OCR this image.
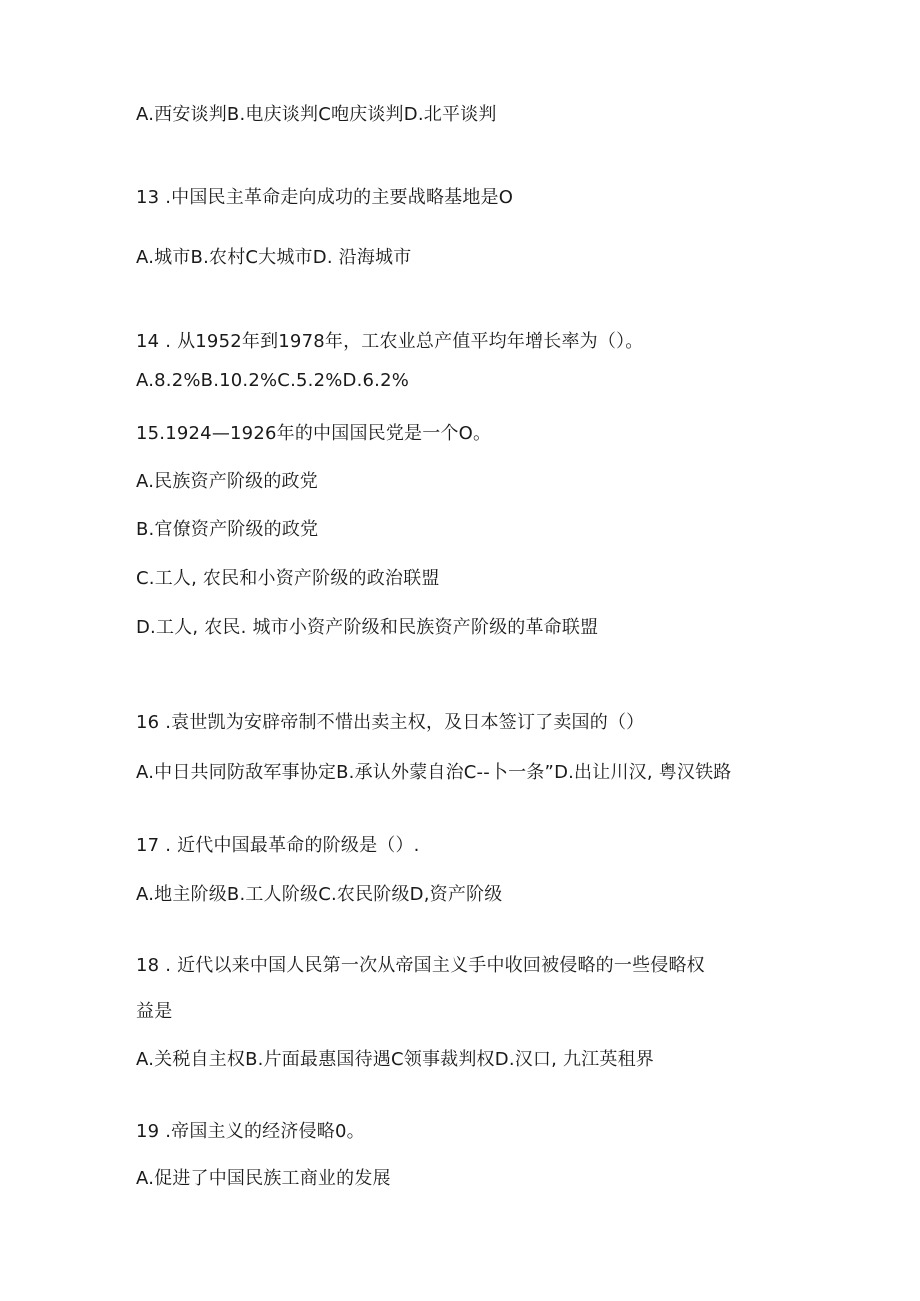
A.西安谈判B.电庆谈判C咆庆谈判D.北平谈判
13 .中国民主革命走向成功的主要战略基地是O
A.城市B.农村C大城市D. 沿海城市
14 . 从1952年到1978年，工农业总产值平均年增长率为（）。
A.8.2%B.10.2%C.5.2%D.6.2%
15.1924—1926年的中国国民党是一个O。
A.民族资产阶级的政党
B.官僚资产阶级的政党
C.工人, 农民和小资产阶级的政治联盟
D.工人, 农民. 城市小资产阶级和民族资产阶级的革命联盟
16 .袁世凯为安辟帝制不惜出卖主权，及日本签订了卖国的（）
A.中日共同防敌军事协定B.承认外蒙自治C--卜一条”D.出让川汉, 粤汉铁路
17 . 近代中国最革命的阶级是（）.
A.地主阶级B.工人阶级C.农民阶级D,资产阶级
18 . 近代以来中国人民第一次从帝国主义手中收回被侵略的一些侵略权
益是
A.关税自主权B.片面最惠国待遇C领事裁判权D.汉口, 九江英租界
19 .帝国主义的经济侵略0。
A.促进了中国民族工商业的发展
